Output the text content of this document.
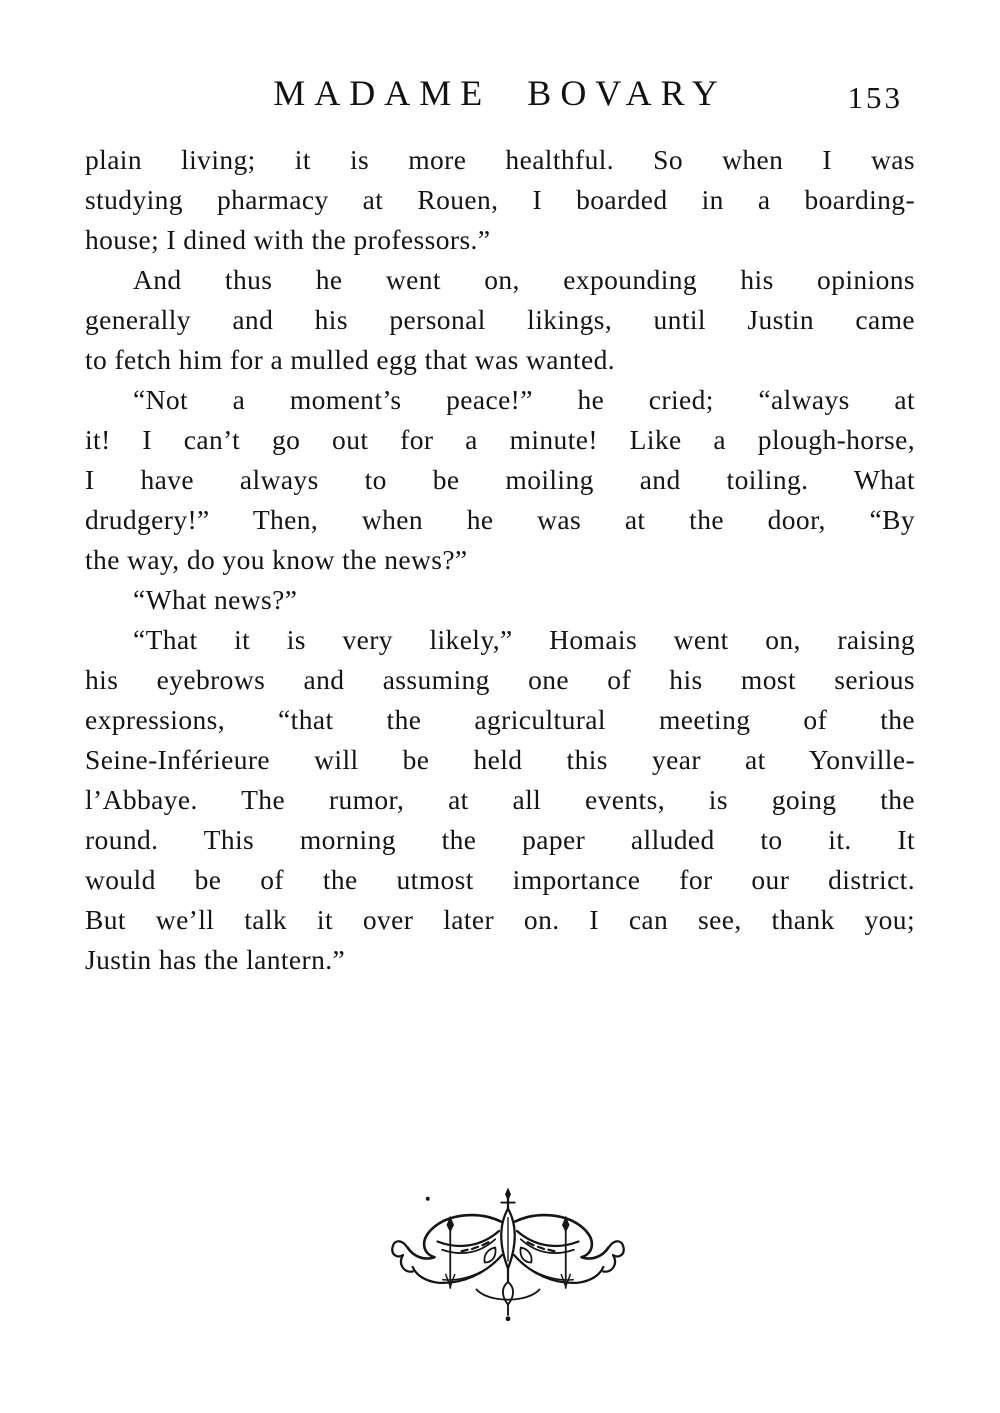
MADAME BOVARY	153
plain living; it is more healthful. So when I was
studying pharmacy at Rouen, I boarded in a boarding-
house; I dined with the professors.”
And thus he went on, expounding his opinions
generally and his personal likings, until Justin came
to fetch him for a mulled egg that was wanted.
“Not a moment’s peace!” he cried; “always at
it! I can’t go out for a minute! Like a plough-horse,
I have always to be moiling and toiling. What
drudgery!” Then, when he was at the door, “By
the way, do you know the news?”
“What news?”
“That it is very likely,” Homais went on, raising
his eyebrows and assuming one of his most serious
expressions, “that the agricultural meeting of the
Seine-Inférieure will be held this year at Yonville-
l’Abbaye. The rumor, at all events, is going the
round. This morning the paper alluded to it. It
would be of the utmost importance for our district.
But we’ll talk it over later on. I can see, thank you;
Justin has the lantern.”
